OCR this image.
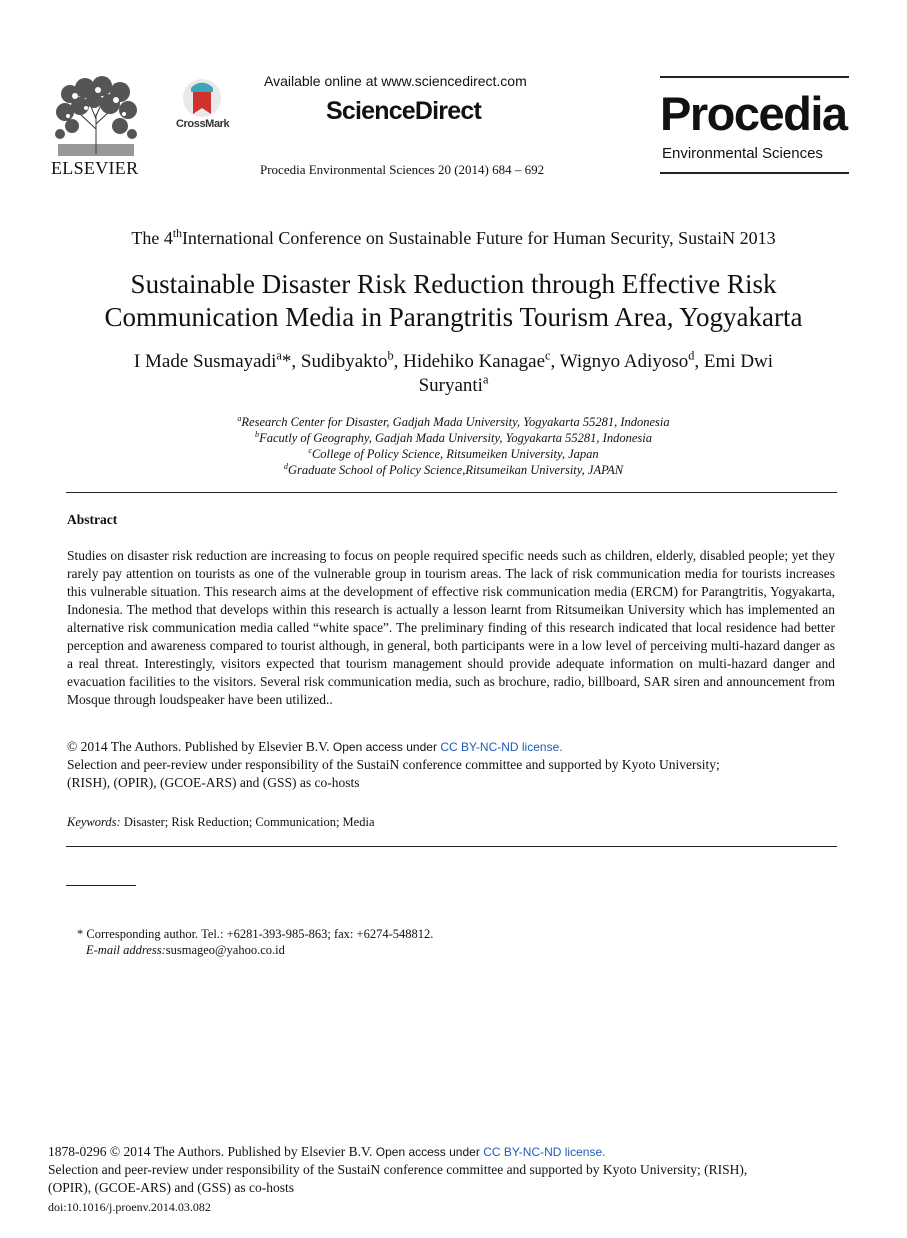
ELSEVIER
CrossMark
Available online at www.sciencedirect.com
ScienceDirect
Procedia Environmental Sciences 20 (2014) 684 – 692
Procedia
Environmental Sciences
The 4thInternational Conference on Sustainable Future for Human Security, SustaiN 2013
Sustainable Disaster Risk Reduction through Effective Risk
Communication Media in Parangtritis Tourism Area, Yogyakarta
I Made Susmayadi$^a$*, Sudibyakto$^b$, Hidehiko Kanagae$^c$, Wignyo Adiyoso$^d$, Emi Dwi
Suryanti$^a$
$^a$Research Center for Disaster, Gadjah Mada University, Yogyakarta 55281, Indonesia
$^b$Facutly of Geography, Gadjah Mada University, Yogyakarta 55281, Indonesia
$^c$College of Policy Science, Ritsumeiken University, Japan
$^d$Graduate School of Policy Science,Ritsumeikan University, JAPAN
Abstract
Studies on disaster risk reduction are increasing to focus on people required specific needs such as children, elderly, disabled people; yet they rarely pay attention on tourists as one of the vulnerable group in tourism areas. The lack of risk communication media for tourists increases this vulnerable situation. This research aims at the development of effective risk communication media (ERCM) for Parangtritis, Yogyakarta, Indonesia. The method that develops within this research is actually a lesson learnt from Ritsumeikan University which has implemented an alternative risk communication media called “white space”. The preliminary finding of this research indicated that local residence had better perception and awareness compared to tourist although, in general, both participants were in a low level of perceiving multi-hazard danger as a real threat. Interestingly, visitors expected that tourism management should provide adequate information on multi-hazard danger and evacuation facilities to the visitors. Several risk communication media, such as brochure, radio, billboard, SAR siren and announcement from Mosque through loudspeaker have been utilized..
© 2014 The Authors. Published by Elsevier B.V. Open access under CC BY-NC-ND license.
Selection and peer-review under responsibility of the SustaiN conference committee and supported by Kyoto University;
(RISH), (OPIR), (GCOE-ARS) and (GSS) as co-hosts
Keywords: Disaster; Risk Reduction; Communication; Media
* Corresponding author. Tel.: +6281-393-985-863; fax: +6274-548812.
E-mail address:susmageo@yahoo.co.id
1878-0296 © 2014 The Authors. Published by Elsevier B.V. Open access under CC BY-NC-ND license.
Selection and peer-review under responsibility of the SustaiN conference committee and supported by Kyoto University; (RISH),
(OPIR), (GCOE-ARS) and (GSS) as co-hosts
doi:10.1016/j.proenv.2014.03.082
